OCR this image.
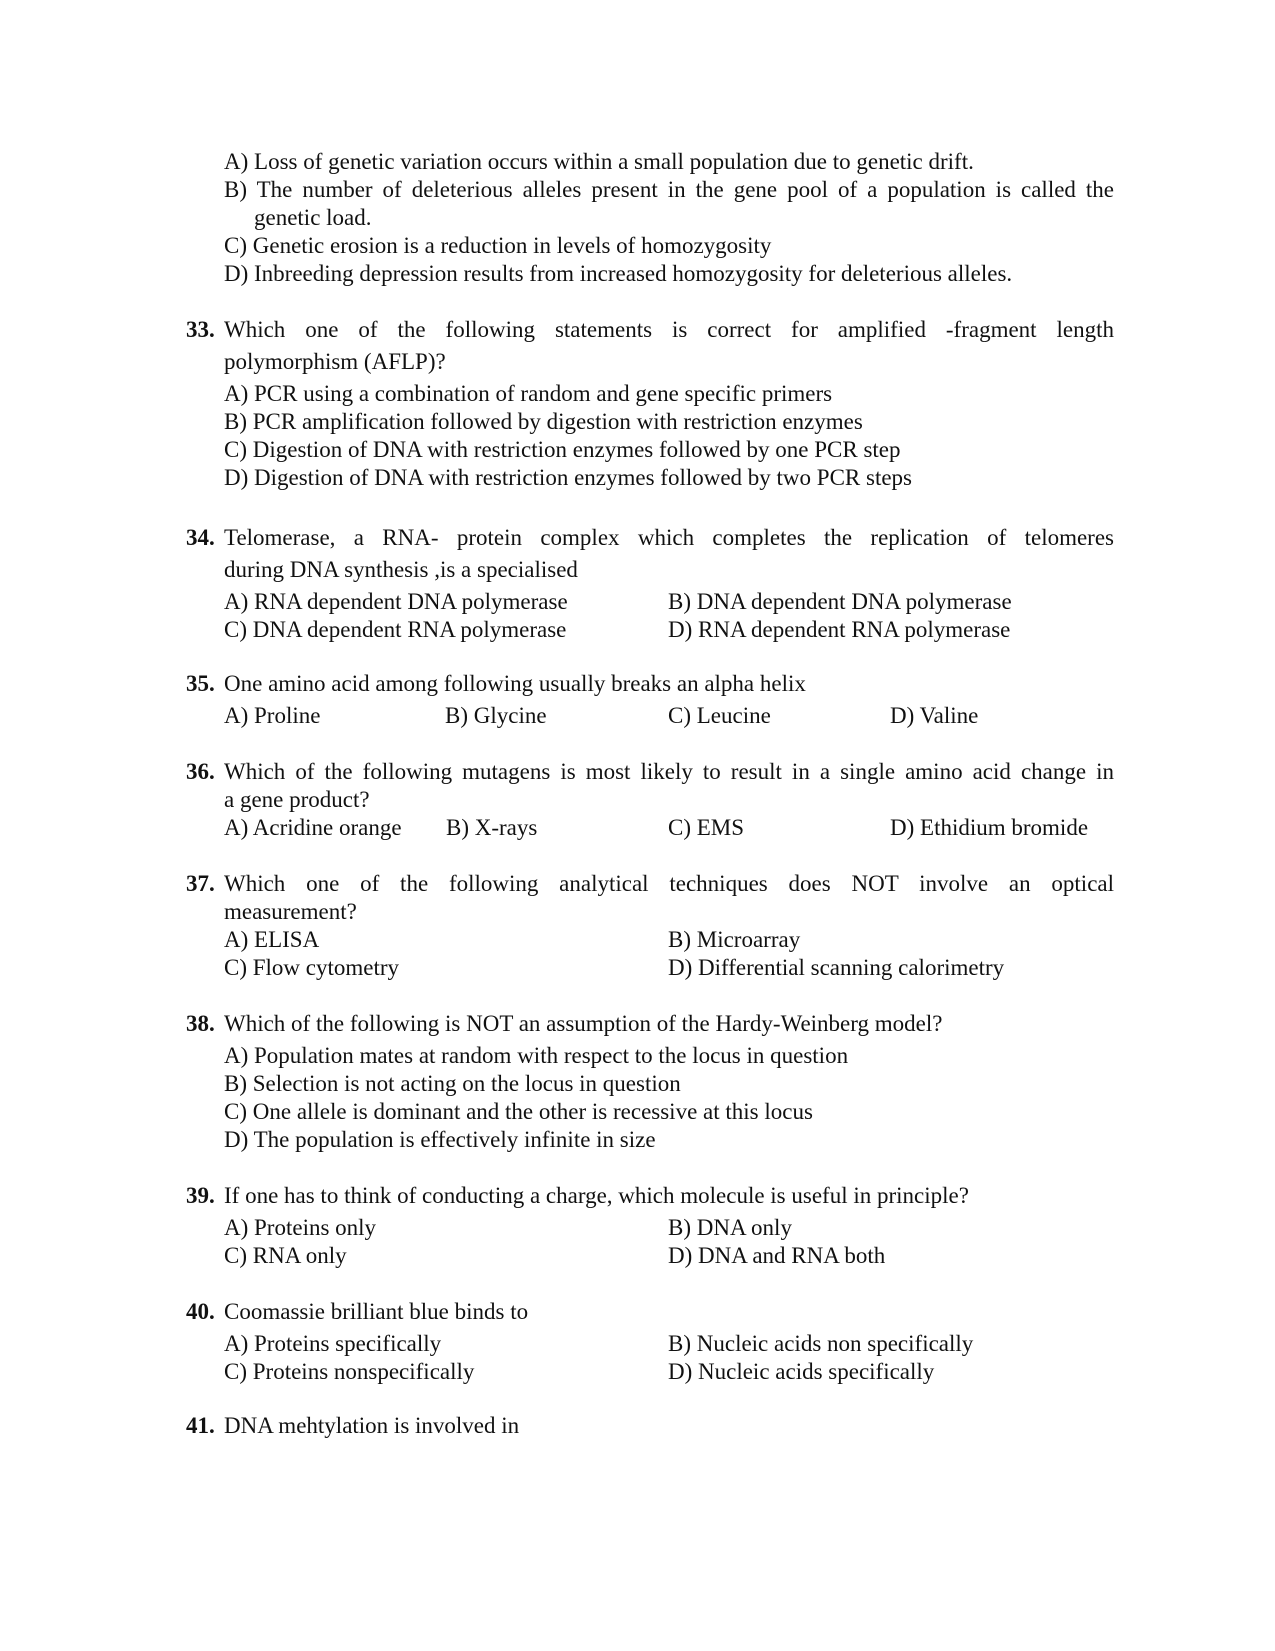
A) Loss of genetic variation occurs within a small population due to genetic drift.
B) The number of deleterious alleles present in the gene pool of a population is called the
genetic load.
C) Genetic erosion is a reduction in levels of homozygosity
D) Inbreeding depression results from increased homozygosity for deleterious alleles.
33. Which one of the following statements is correct for amplified -fragment length
polymorphism (AFLP)?
A) PCR using a combination of random and gene specific primers
B) PCR amplification followed by digestion with restriction enzymes
C) Digestion of DNA with restriction enzymes followed by one PCR step
D) Digestion of DNA with restriction enzymes followed by two PCR steps
34. Telomerase, a RNA- protein complex which completes the replication of telomeres
during DNA synthesis ,is a specialised
A) RNA dependent DNA polymerase	B) DNA dependent DNA polymerase
C) DNA dependent RNA polymerase	D) RNA dependent RNA polymerase
35. One amino acid among following usually breaks an alpha helix
A) Proline	B) Glycine	C) Leucine	D) Valine
36. Which of the following mutagens is most likely to result in a single amino acid change in
a gene product?
A) Acridine orange B) X-rays	C) EMS	D) Ethidium bromide
37. Which one of the following analytical techniques does NOT involve an optical
measurement?
A) ELISA	B) Microarray
C) Flow cytometry	D) Differential scanning calorimetry
38. Which of the following is NOT an assumption of the Hardy-Weinberg model?
A) Population mates at random with respect to the locus in question
B) Selection is not acting on the locus in question
C) One allele is dominant and the other is recessive at this locus
D) The population is effectively infinite in size
39. If one has to think of conducting a charge, which molecule is useful in principle?
A) Proteins only	B) DNA only
C) RNA only	D) DNA and RNA both
40. Coomassie brilliant blue binds to
A) Proteins specifically	B) Nucleic acids non specifically
C) Proteins nonspecifically	D) Nucleic acids specifically
41. DNA mehtylation is involved in
